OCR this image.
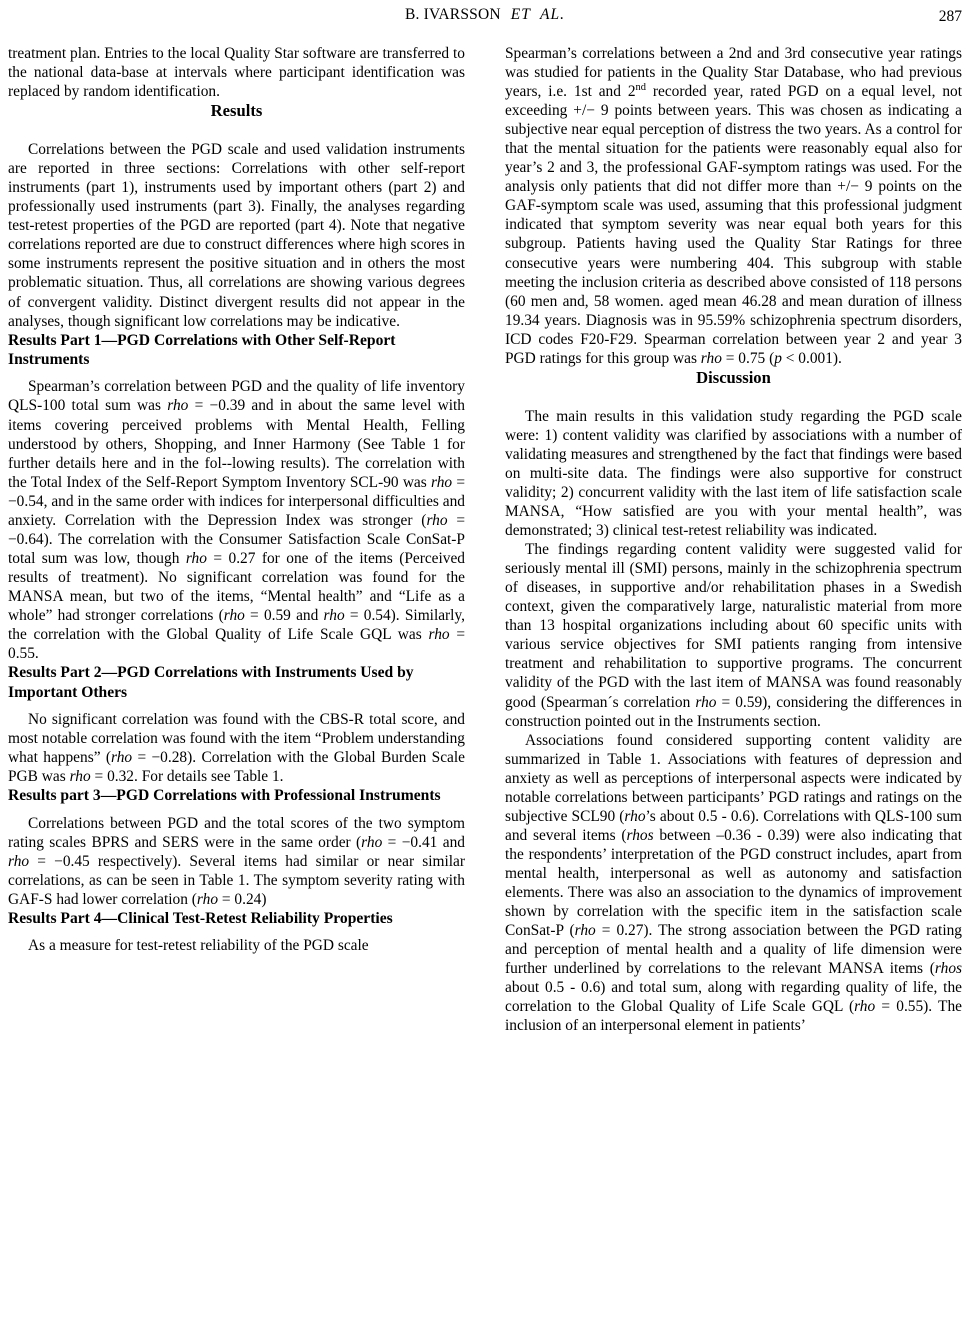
B. IVARSSON ET  AL.	287

treatment plan. Entries to the local Quality Star software are transferred to the national data-base at intervals where participant identification was replaced by random identification.

Results

Correlations between the PGD scale and used validation instruments are reported in three sections: Correlations with other self-report instruments (part 1), instruments used by important others (part 2) and professionally used instruments (part 3). Finally, the analyses regarding test-retest properties of the PGD are reported (part 4). Note that negative correlations reported are due to construct differences where high scores in some instruments represent the positive situation and in others the most problematic situation. Thus, all correlations are showing various degrees of convergent validity. Distinct divergent results did not appear in the analyses, though significant low correlations may be indicative.

Results Part 1—PGD Correlations with Other Self-Report Instruments

Spearman’s correlation between PGD and the quality of life inventory QLS-100 total sum was rho = −0.39 and in about the same level with items covering perceived problems with Mental Health, Felling understood by others, Shopping, and Inner Harmony (See Table 1 for further details here and in the fol--lowing results). The correlation with the Total Index of the Self-Report Symptom Inventory SCL-90 was rho = −0.54, and in the same order with indices for interpersonal difficulties and anxiety. Correlation with the Depression Index was stronger (rho = −0.64). The correlation with the Consumer Satisfaction Scale ConSat-P total sum was low, though rho = 0.27 for one of the items (Perceived results of treatment). No significant correlation was found for the MANSA mean, but two of the items, “Mental health” and “Life as a whole” had stronger correlations (rho = 0.59 and rho = 0.54). Similarly, the correlation with the Global Quality of Life Scale GQL was rho = 0.55.

Results Part 2—PGD Correlations with Instruments Used by Important Others

No significant correlation was found with the CBS-R total score, and most notable correlation was found with the item “Problem understanding what happens” (rho = −0.28). Correlation with the Global Burden Scale PGB was rho = 0.32. For details see Table 1.

Results part 3—PGD Correlations with Professional Instruments

Correlations between PGD and the total scores of the two symptom rating scales BPRS and SERS were in the same order (rho = −0.41 and rho = −0.45 respectively). Several items had similar or near similar correlations, as can be seen in Table 1. The symptom severity rating with GAF-S had lower correlation (rho = 0.24)

Results Part 4—Clinical Test-Retest Reliability Properties

As a measure for test-retest reliability of the PGD scale

Spearman’s correlations between a 2nd and 3rd consecutive year ratings was studied for patients in the Quality Star Database, who had previous years, i.e. 1st and 2nd recorded year, rated PGD on a equal level, not exceeding +/− 9 points between years. This was chosen as indicating a subjective near equal perception of distress the two years. As a control for that the mental situation for the patients were reasonably equal also for year’s 2 and 3, the professional GAF-symptom ratings was used. For the analysis only patients that did not differ more than +/− 9 points on the GAF-symptom scale was used, assuming that this professional judgment indicated that symptom severity was near equal both years for this subgroup. Patients having used the Quality Star Ratings for three consecutive years were numbering 404. This subgroup with stable meeting the inclusion criteria as described above consisted of 118 persons (60 men and, 58 women. aged mean 46.28 and mean duration of illness 19.34 years. Diagnosis was in 95.59% schizophrenia spectrum disorders, ICD codes F20-F29. Spearman correlation between year 2 and year 3 PGD ratings for this group was rho = 0.75 (p < 0.001).

Discussion

The main results in this validation study regarding the PGD scale were: 1) content validity was clarified by associations with a number of validating measures and strengthened by the fact that findings were based on multi-site data. The findings were also supportive for construct validity; 2) concurrent validity with the last item of life satisfaction scale MANSA, “How satisfied are you with your mental health”, was demonstrated; 3) clinical test-retest reliability was indicated.

The findings regarding content validity were suggested valid for seriously mental ill (SMI) persons, mainly in the schizophrenia spectrum of diseases, in supportive and/or rehabilitation phases in a Swedish context, given the comparatively large, naturalistic material from more than 13 hospital organizations including about 60 specific units with various service objectives for SMI patients ranging from intensive treatment and rehabilitation to supportive programs. The concurrent validity of the PGD with the last item of MANSA was found reasonably good (Spearman´s correlation rho = 0.59), considering the differences in construction pointed out in the Instruments section.

Associations found considered supporting content validity are summarized in Table 1. Associations with features of depression and anxiety as well as perceptions of interpersonal aspects were indicated by notable correlations between participants’ PGD ratings and ratings on the subjective SCL90 (rho’s about 0.5 - 0.6). Correlations with QLS-100 sum and several items (rhos between –0.36 - 0.39) were also indicating that the respondents’ interpretation of the PGD construct includes, apart from mental health, interpersonal as well as autonomy and satisfaction elements. There was also an association to the dynamics of improvement shown by correlation with the specific item in the satisfaction scale ConSat-P (rho = 0.27). The strong association between the PGD rating and perception of mental health and a quality of life dimension were further underlined by correlations to the relevant MANSA items (rhos about 0.5 - 0.6) and total sum, along with regarding quality of life, the correlation to the Global Quality of Life Scale GQL (rho = 0.55). The inclusion of an interpersonal element in patients’
